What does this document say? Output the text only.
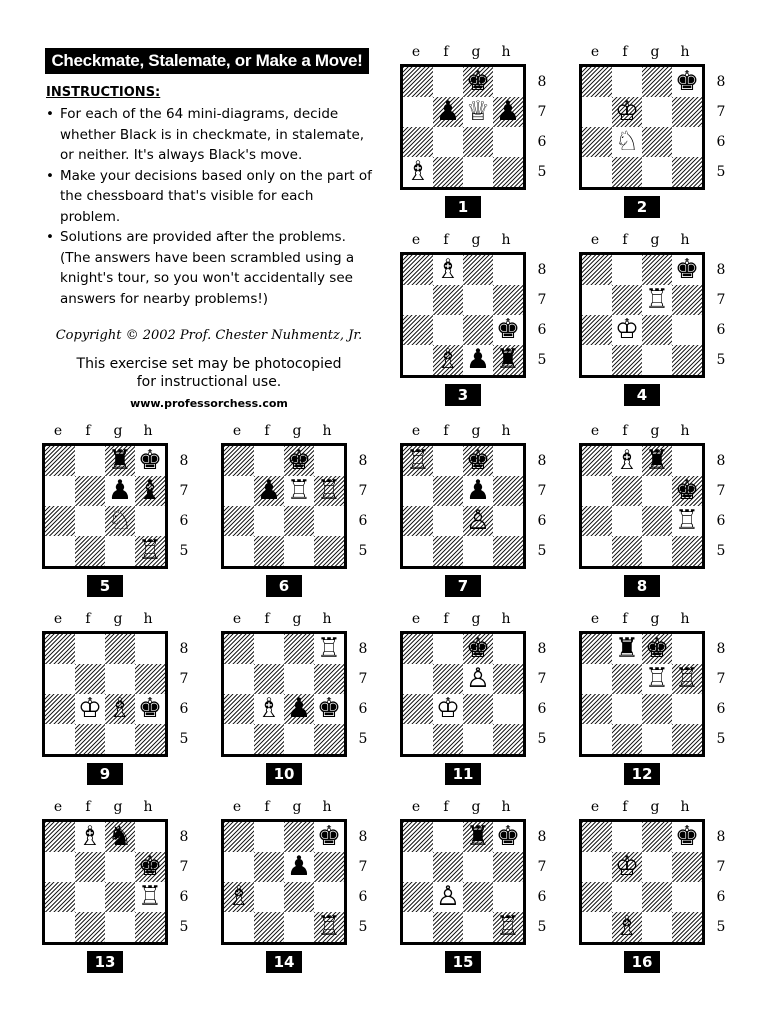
Checkmate, Stalemate, or Make a Move!
INSTRUCTIONS:
• For each of the 64 mini-diagrams, decide whether Black is in checkmate, in stalemate, or neither. It's always Black's move.
• Make your decisions based only on the part of the chessboard that's visible for each problem.
• Solutions are provided after the problems. (The answers have been scrambled using a knight's tour, so you won't accidentally see answers for nearby problems!)
Copyright © 2002 Prof. Chester Nuhmentz, Jr.
This exercise set may be photocopied
for instructional use.
www.professorchess.com
e	f	g	h
♚
♟ ♕ ♟
♗
8
7
6
5
1
e	f	g	h
♚
♔
♘
8
7
6
5
2
e	f	g	h
♗
♚
♗ ♟ ♜
8
7
6
5
3
e	f	g	h
♚
♖
♔
8
7
6
5
4
e	f	g	h
♜ ♚
♟ ♝
♘
♖
8
7
6
5
5
e	f	g	h
♚
♟ ♖ ♖
8
7
6
5
6
e	f	g	h
♖ ♚
♟
♙
8
7
6
5
7
e	f	g	h
♗ ♜
♚
♖
8
7
6
5
8
e	f	g	h
♔ ♗ ♚
8
7
6
5
9
e	f	g	h
♖
♗ ♟ ♚
8
7
6
5
10
e	f	g	h
♚
♙
♔
8
7
6
5
11
e	f	g	h
♜ ♚
♖ ♖
8
7
6
5
12
e	f	g	h
♗ ♞
♚
♖
8
7
6
5
13
e	f	g	h
♚
♟
♗
♖
8
7
6
5
14
e	f	g	h
♜ ♚
♙
♖
8
7
6
5
15
e	f	g	h
♚
♔
♗
8
7
6
5
16
